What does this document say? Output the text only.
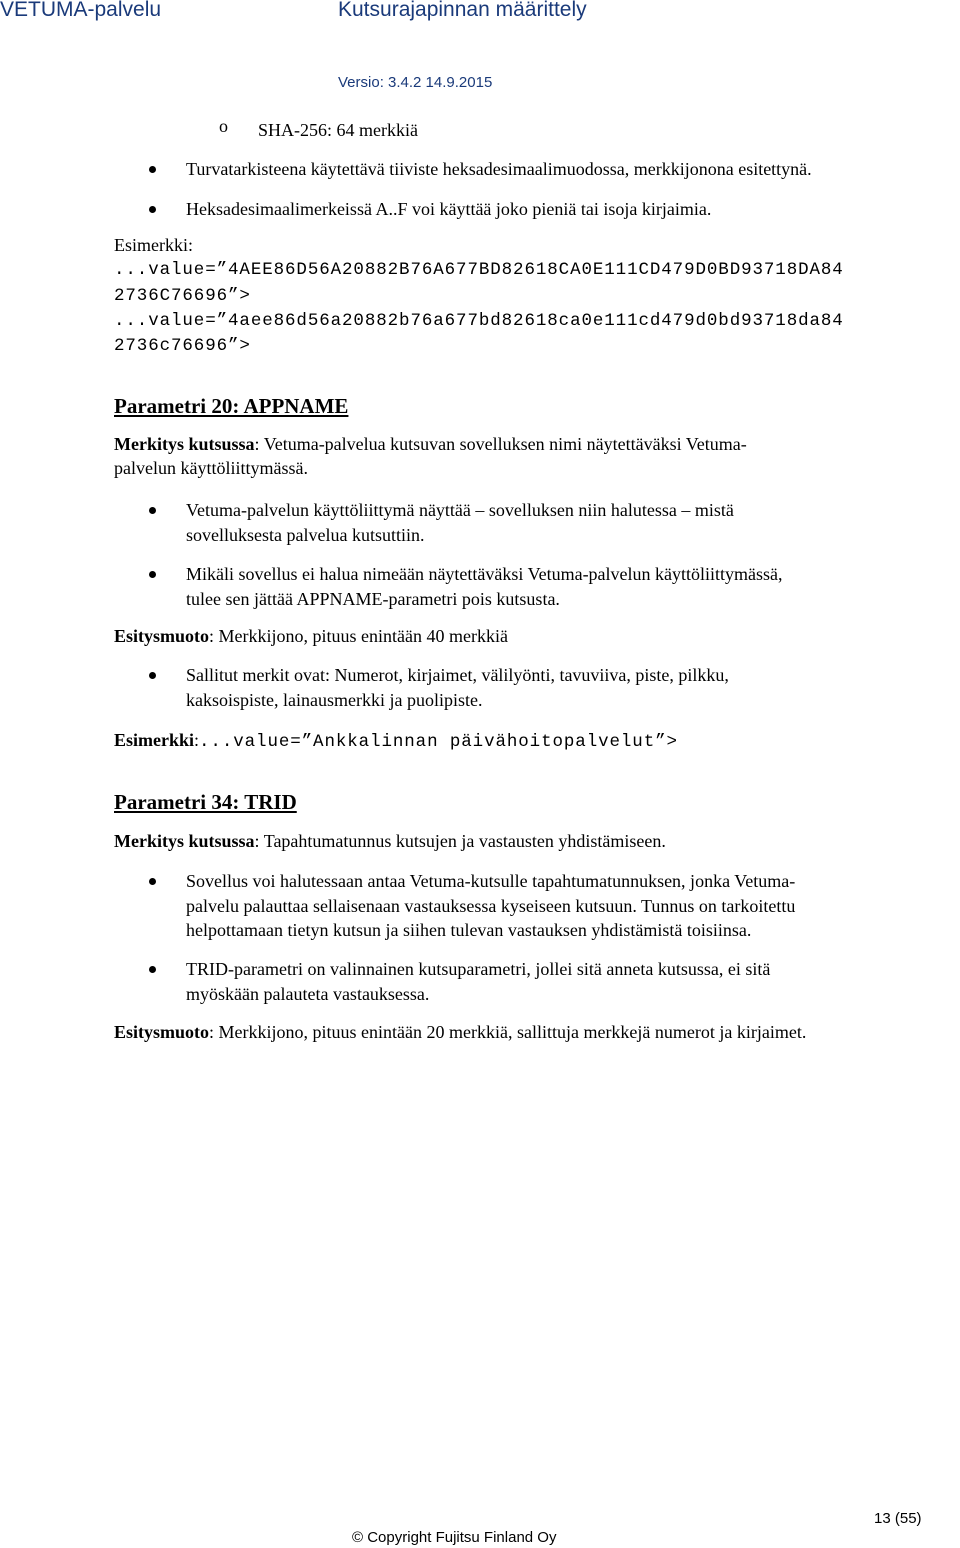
VETUMA-palvelu	Kutsurajapinnan määrittely
Versio: 3.4.2 14.9.2015
o SHA-256: 64 merkkiä
Turvatarkisteena käytettävä tiiviste heksadesimaalimuodossa, merkkijonona esitettynä.
Heksadesimaalimerkeissä A..F voi käyttää joko pieniä tai isoja kirjaimia.
Esimerkki:
...value=”4AEE86D56A20882B76A677BD82618CA0E111CD479D0BD93718DA84
2736C76696”>
...value=”4aee86d56a20882b76a677bd82618ca0e111cd479d0bd93718da84
2736c76696”>
Parametri 20: APPNAME
Merkitys kutsussa: Vetuma-palvelua kutsuvan sovelluksen nimi näytettäväksi Vetuma-
palvelun käyttöliittymässä.
Vetuma-palvelun käyttöliittymä näyttää – sovelluksen niin halutessa – mistä
sovelluksesta palvelua kutsuttiin.
Mikäli sovellus ei halua nimeään näytettäväksi Vetuma-palvelun käyttöliittymässä,
tulee sen jättää APPNAME-parametri pois kutsusta.
Esitysmuoto: Merkkijono, pituus enintään 40 merkkiä
Sallitut merkit ovat: Numerot, kirjaimet, välilyönti, tavuviiva, piste, pilkku,
kaksoispiste, lainausmerkki ja puolipiste.
Esimerkki:...value=”Ankkalinnan päivähoitopalvelut”>
Parametri 34: TRID
Merkitys kutsussa: Tapahtumatunnus kutsujen ja vastausten yhdistämiseen.
Sovellus voi halutessaan antaa Vetuma-kutsulle tapahtumatunnuksen, jonka Vetuma-
palvelu palauttaa sellaisenaan vastauksessa kyseiseen kutsuun. Tunnus on tarkoitettu
helpottamaan tietyn kutsun ja siihen tulevan vastauksen yhdistämistä toisiinsa.
TRID-parametri on valinnainen kutsuparametri, jollei sitä anneta kutsussa, ei sitä
myöskään palauteta vastauksessa.
Esitysmuoto: Merkkijono, pituus enintään 20 merkkiä, sallittuja merkkejä numerot ja kirjaimet.
13 (55)
© Copyright Fujitsu Finland Oy
